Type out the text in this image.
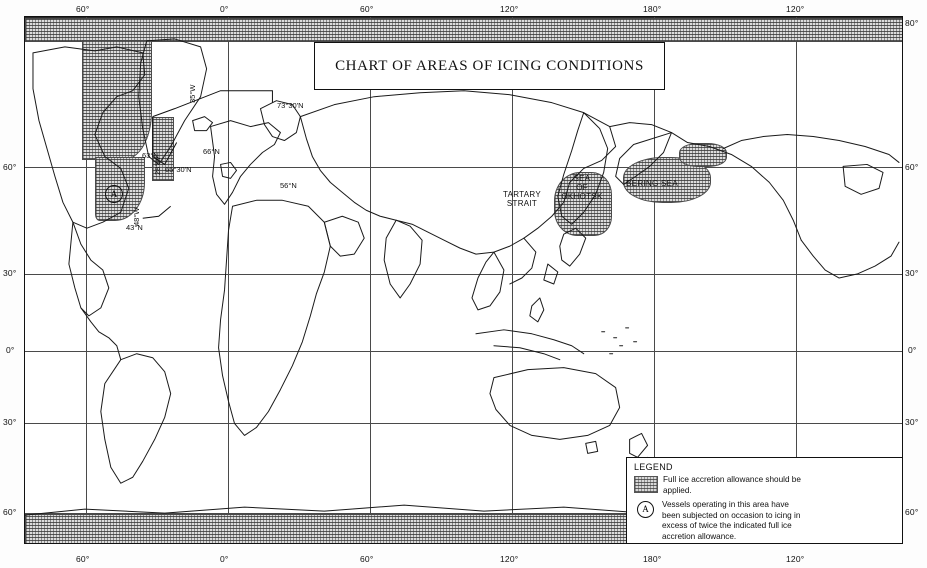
73°30'N
66°N
65°30'N
63°N
56°N
43°N
28°W
35°W
48°W
A
SEA
OF
OKHOTSK
TARTARY
STRAIT
BERING SEA
CHART OF AREAS OF ICING CONDITIONS
LEGEND
Full ice accretion allowance should be
applied.
A	Vessels operating in this area have
been subjected on occasion to icing in
excess of twice the indicated full ice
accretion allowance.
60°	0°	60°	120°	180°	120°
60°	0°	60°	120°	180°	120°
60°
30°
0°
30°
60°
80°
60°
30°
0°
30°
60°
